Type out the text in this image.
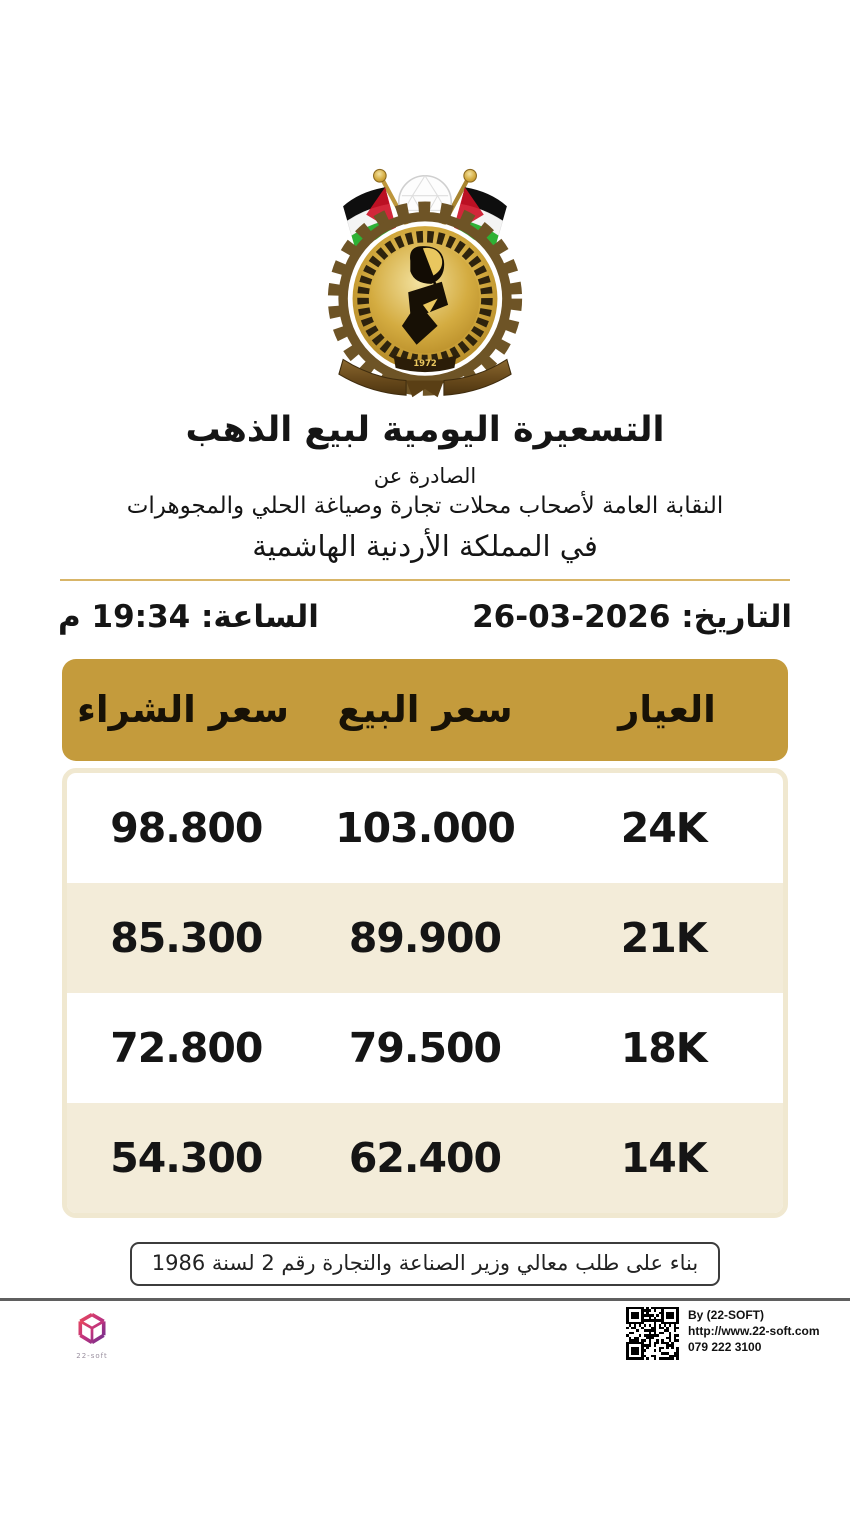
1972
التسعيرة اليومية لبيع الذهب
الصادرة عن
النقابة العامة لأصحاب محلات تجارة وصياغة الحلي والمجوهرات
في المملكة الأردنية الهاشمية
التاريخ: 26-03-2026
الساعة: 19:34 م
العيار
سعر البيع
سعر الشراء
24K
103.000
98.800
21K
89.900
85.300
18K
79.500
72.800
14K
62.400
54.300
بناء على طلب معالي وزير الصناعة والتجارة رقم 2 لسنة 1986
22-soft
By (22-SOFT)
http://www.22-soft.com
079 222 3100
